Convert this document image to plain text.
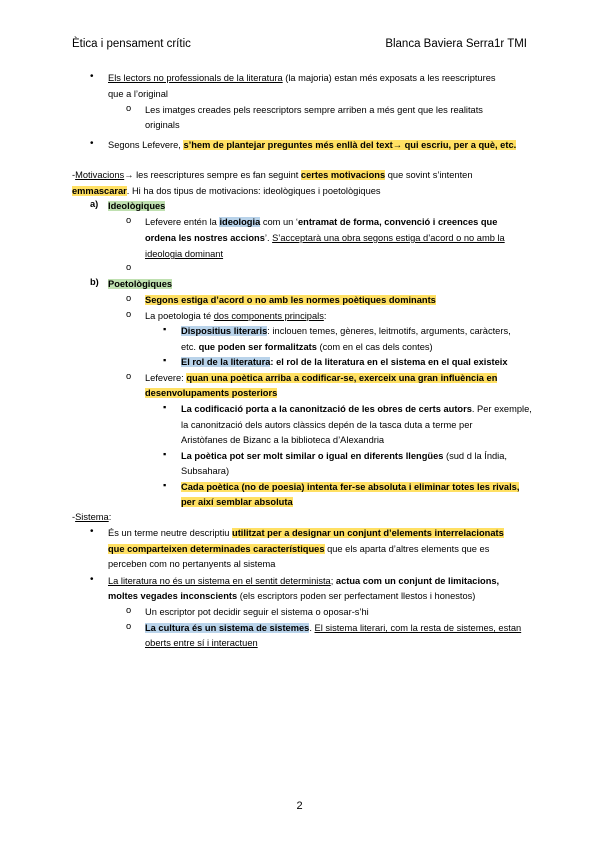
Ètica i pensament crític	Blanca Baviera Serra1r TMI
• Els lectors no professionals de la literatura (la majoria) estan més exposats a les reescriptures
que a l’original
o Les imatges creades pels reescriptors sempre arriben a més gent que les realitats
originals
• Segons Lefevere, s’hem de plantejar preguntes més enllà del text→ qui escriu, per a què, etc.
-Motivacions→ les reescriptures sempre es fan seguint certes motivacions que sovint s’intenten
emmascarar. Hi ha dos tipus de motivacions: ideològiques i poetològiques
a) Ideològiques
o Lefevere entén la ideologia com un ‘entramat de forma, convenció i creences que
ordena les nostres accions’. S’acceptarà una obra segons estiga d’acord o no amb la
ideologia dominant
o
b) Poetològiques
o Segons estiga d’acord o no amb les normes poètiques dominants
o La poetologia té dos components principals:
▪ Dispositius literaris: inclouen temes, gèneres, leitmotifs, arguments, caràcters,
etc. que poden ser formalitzats (com en el cas dels contes)
▪ El rol de la literatura: el rol de la literatura en el sistema en el qual existeix
o Lefevere: quan una poètica arriba a codificar-se, exerceix una gran influència en
desenvolupaments posteriors
▪ La codificació porta a la canonització de les obres de certs autors. Per exemple,
la canonització dels autors clàssics depén de la tasca duta a terme per
Aristòfanes de Bizanc a la biblioteca d’Alexandria
▪ La poètica pot ser molt similar o igual en diferents llengües (sud d la Índia,
Subsahara)
▪ Cada poètica (no de poesia) intenta fer-se absoluta i eliminar totes les rivals,
per així semblar absoluta
-Sistema:
• És un terme neutre descriptiu utilitzat per a designar un conjunt d’elements interrelacionats
que comparteixen determinades característiques que els aparta d’altres elements que es
perceben com no pertanyents al sistema
• La literatura no és un sistema en el sentit determinista; actua com un conjunt de limitacions,
moltes vegades inconscients (els escriptors poden ser perfectament llestos i honestos)
o Un escriptor pot decidir seguir el sistema o oposar-s’hi
o La cultura és un sistema de sistemes. El sistema literari, com la resta de sistemes, estan
oberts entre sí i interactuen
2
